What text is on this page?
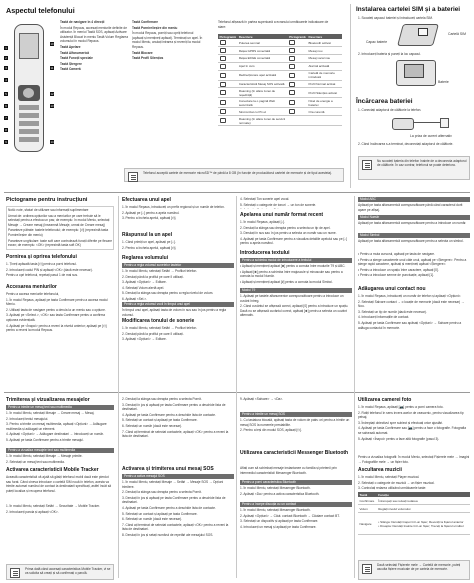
Aspectul telefonului
1
2
3
4
5
6
7
8
9
10
11
12
13
14

Tastă de navigare în 4 direcții

În modul Repaus, accesați meniurile definite de utilizator. În meniul Tastă SOS, apăsați Activare Asistență Blocat în meniu Tastă Volum Reglarea volumului în modul Repaus.

Tastă Apelare

Tastă Alfanumerică

Tastă Funcții speciale

Tastă Ștergere

Tastă Cameră

Tastă Confirmare

Tastă Pornire/ieșire din meniu

În modul Repaus, porniți sau opriți telefonul (apăsați și mențineți apăsat). Terminați un apel. În modul Meniu, anulați intrarea și reveniți la modul Repaus.

Tastă Blocare

Tastă Profil Silențios

Telefonul afișează în partea superioară a ecranului următoarele indicatoare de stare:
Pictogramă	Descriere	Pictogramă	Descriere
	Puterea semnal		Bluetooth activat
	Rețea GPRS conectată		Mesaj nou
	Rețea EDGE conectată		Mesaj vocal nou
	Apel în curs		Alarmă activată
	Redirecționare apel activată		Cartelă de memorie introdusă
	Caracteristică Mesaj SOS activată		Profil Normal activat
	Roaming (în afara zonei de reședință)		Profil Silențios activat
	Conectare la o pagină Web securizată		Nivel de energie a bateriei
	Sincronizat cu PC-ul		Ora curentă
	Roaming (în afara zonei de servicii normale)		
Telefonul acceptă cartele de memorie microSD™ de până la 8 GB (în funcție de producătorul cartelei de memorie și de tipul acesteia).
Instalarea cartelei SIM și a bateriei
1. Scoateți capacul bateriei și introduceți cartela SIM.
Capac baterie
Cartelă SIM
2. Introduceți bateria și puneți la loc capacul.
Baterie
Încărcarea bateriei
1. Conectați adaptorul de călătorie la telefon.
La priza de curent alternativ
2. Când încărcarea s-a terminat, deconectați adaptorul de călătorie.
Nu scoateți bateria din telefon înainte de a deconecta adaptorul de călătorie. În caz contrar, telefonul se poate deteriora.
Pictograme pentru instrucțiuni

Notă: note, sfaturi de utilizare sau informații suplimentare

Urmat de: ordinea opțiunilor sau a meniurilor pe care trebuie să le selectați pentru a efectua un pas; de exemplu: în modul Meniu, selectați Mesaje → Creare mesaj (înseamnă Mesaje, urmat de Creare mesaj)

Paranteze pătrate: tastele telefonului; de exemplu: [⏻] (reprezintă tasta Pornire/Ieșire din meniu)

Paranteze unghiulare: taste soft care controlează funcții diferite pe fiecare ecran; de exemplu: <OK> (reprezintă tasta soft OK)

Pornirea și oprirea telefonului

1. Țineți apăsată tasta [⏻] pentru a porni telefonul.

2. Introduceți codul PIN și apăsați <OK> (dacă este necesar).

Pentru a opri telefonul, repetați pasul 1 de mai sus.

Accesarea meniurilor

Pentru a accesa meniurile telefonului,

1. În modul Repaus, apăsați pe tasta Confirmare pentru a accesa modul Meniu.

2. Utilizați tasta de navigare pentru a derula la un meniu sau o opțiune.

3. Apăsați pe <Select.>, <OK> sau tasta Confirmare pentru a confirma opțiunea evidențiată.

4. Apăsați pe <Înapoi> pentru a reveni la nivelul anterior; apăsați pe [⏻] pentru a reveni la modul Repaus.

Efectuarea unui apel

1. În modul Repaus, introduceți un prefix regional și un număr de telefon.

2. Apăsați pe [⌕] pentru a apela numărul.

3. Pentru a încheia apelul, apăsați [⏻].

Răspunsul la un apel

1. Când primiți un apel, apăsați pe [⌕].

2. Pentru a încheia apelul, apăsați [⏻].

Reglarea volumului
Pentru a regla volumul sunetelor tastelor

1. În modul Meniu, selectați Setări → Profiluri telefon.

2. Derulați până la profilul pe care îl utilizați.

3. Apăsați <Opțiuni> → Editare.

4. Selectați Volum alertă apel.

5. Derulați la stânga sau dreapta pentru a regla nivelul de volum.

6. Apăsați <Sel.>.

Pentru a regla volumul vocii în timpul unui apel
În timpul unui apel, apăsați tasta de volum în sus sau în jos pentru a regla volumul.
Modificarea tonului de sonerie

1. În modul Meniu, selectați Setări → Profiluri telefon.

2. Derulați până la profilul pe care îl utilizați.

3. Apăsați <Opțiuni> → Editare.

4. Selectați Ton sonerie apel vocal.

5. Selectați o categorie de tonuri → un ton de sonerie.

Apelarea unui număr format recent

1. În modul Repaus, apăsați [⌕].

2. Derulați la stânga sau dreapta pentru a selecta un tip de apel.

3. Derulați în sus sau în jos pentru a selecta un număr sau un nume.

4. Apăsați pe tasta Confirmare pentru a vizualiza detaliile apelului sau pe [⌕] pentru a apela numărul.

Introducerea textului
Pentru a schimba modul de introducere a textului

• Apăsați și mențineți apăsat [✱] pentru a comuta între modurile T9 și ABC.

• Apăsați [✱] pentru a schimba între majuscule și minuscule sau pentru a comuta la modul Număr.

• Apăsați și mențineți apăsat [#] pentru a comuta la modul Simbol.

Modul T9

1. Apăsați pe tastele alfanumerice corespunzătoare pentru a introduce un cuvânt întreg.

2. Când cuvântul se afișează corect, apăsați [0] pentru a introduce un spațiu. Dacă nu se afișează cuvântul corect, apăsați [✱] pentru a selecta un cuvânt alternativ.

Modul ABC
Apăsați pe tasta alfanumerică corespunzătoare până când caracterul dorit apare pe afișaj.
Modul Număr
Apăsați pe tasta alfanumerică corespunzătoare pentru a introduce un număr.
Modul Simbol
Apăsați pe tasta alfanumerică corespunzătoare pentru a selecta un simbol.

• Pentru a muta cursorul, apăsați pe tasta de navigare.

• Pentru a șterge caracterele unul câte unul, apăsați pe <Ștergere>. Pentru a șterge rapid caractere, apăsați și mențineți apăsat <Ștergere>.

• Pentru a introduce un spațiu între caractere, apăsați [0].

• Pentru a introduce semne de punctuație, apăsați [1].

Adăugarea unui contact nou

1. În modul Repaus, introduceți un număr de telefon și apăsați <Opțiuni>.

2. Selectați Salvare contact → o locație de memorie (dacă este necesar) → Nou.

3. Selectați un tip de număr (dacă este necesar).

4. Introduceți informațiile de contact.

5. Apăsați pe tasta Confirmare sau apăsați <Opțiuni> → Salvare pentru a adăuga contactul în memorie.

Trimiterea și vizualizarea mesajelor
Pentru a trimite un mesaj text sau multimedia

1. În modul Meniu, selectați Mesaje → Creare mesaj → Mesaj.

2. Introduceți textul mesajului.

3. Pentru a trimite un mesaj multimedia, apăsați <Opțiuni> → Adăugare multimedia și adăugați un element.

4. Apăsați <Opțiuni> → Adăugare destinatari → Introduceți un număr.

5. Apăsați pe tasta Confirmare pentru a trimite mesajul.

Pentru a vizualiza mesajele text sau multimedia

1. În modul Meniu, selectați Mesaje → Mesaje primite.

2. Selectați un mesaj text sau multimedia.

Activarea caracteristicii Mobile Tracker
Această caracteristică vă ajută să găsiți telefonul mobil dacă este pierdut sau furat. Când cineva introduce o cartelă SIM nouă în telefon, acesta va trimite automat numărul de contact la destinatarii specificați, astfel încât să puteți localiza și recupera telefonul.

1. În modul Meniu, selectați Setări → Securitate → Mobile Tracker.

2. Introduceți parola și apăsați <OK>.

Prima dată când accesați caracteristica Mobile Tracker, vi se va solicita să creați și să confirmați o parolă.

2. Derulați la stânga sau dreapta pentru a selecta Pornit.

3. Derulați în jos și apăsați pe tasta Confirmare pentru a deschide lista de destinatari.

4. Apăsați pe tasta Confirmare pentru a deschide lista de contacte.

5. Selectați un contact și apăsați pe tasta Confirmare.

6. Selectați un număr (dacă este necesar).

7. Când ați terminat de selectat contactele, apăsați <OK> pentru a reveni la lista de destinatari.

Activarea și trimiterea unui mesaj SOS
Pentru a activa mesajul SOS

1. În modul Meniu, selectați Mesaje → Setări → Mesaje SOS → Opțiuni trimitere.

2. Derulați la stânga sau dreapta pentru a selecta Pornit.

3. Derulați în jos și apăsați pe tasta Confirmare pentru a deschide lista de destinatari.

4. Apăsați pe tasta Confirmare pentru a deschide lista de contacte.

5. Selectați un contact și apăsați pe tasta Confirmare.

6. Selectați un număr (dacă este necesar).

7. Când ați terminat de selectat contactele, apăsați <OK> pentru a reveni la lista de destinatari.

8. Derulați în jos și setați numărul de repetări ale mesajului SOS.

9. Apăsați <Salvare> → <Da>.

Pentru a trimite un mesaj SOS

1. Cu tastatura blocată, apăsați tasta de volum de patru ori pentru a trimite un mesaj SOS la numerele prestabilite.

2. Pentru a ieși din modul SOS, apăsați [⏻].

Utilizarea caracteristicii Messenger Bluetooth
Aflați cum să schimbați mesaje instantanee cu familia și prietenii prin intermediul caracteristicii Messenger Bluetooth.
Pentru a porni caracteristica Bluetooth

1. În modul Meniu, selectați Messenger Bluetooth.

2. Apăsați <Da> pentru a activa caracteristica Bluetooth.

Pentru a începe discuția cu un contact

1. În modul Meniu, selectați Messenger Bluetooth.

2. Apăsați <Opțiuni> → Căut. contact Bluetooth → Căutare contact BT.

3. Selectați un dispozitiv și apăsați pe tasta Confirmare.

4. Introduceți un mesaj și apăsați pe tasta Confirmare.

Utilizarea camerei foto

1. În modul Repaus, apăsați [📷] pentru a porni camera foto.

2. Rotiți telefonul în sens invers acelor de ceasornic, pentru vizualizarea tip peisaj.

3. Îndreptați obiectivul spre subiect și efectuați orice ajustări.

4. Apăsați pe tasta Confirmare sau [📷] pentru a face o fotografie. Fotografia se salvează automat.

5. Apăsați <Înapoi> pentru a face altă fotografie (pasul 3).

Pentru a vizualiza fotografii: În modul Meniu, selectați Fișierele mele → Imagini → Fotografiile mele → un fișier foto.
Ascultarea muzicii

1. În modul Meniu, selectați Player muzical.

2. Selectați o categorie de muzică → un fișier muzical.

3. Controlați redarea utilizând următoarele taste:

Tastă	Funcție
Confirmare	Întrerupeți sau reluați redarea
Volum	Reglați nivelul volumului
Navigare	• Stânga: Derulați înapoi într-un fișier; Reveniți la fișierul anterior
• Dreapta: Derulați înainte într-un fișier; Treceți la fișierul următor
Dacă selectați Fișierele mele → Cartelă de memorie, puteți asculta fișiere muzicale de pe cartela de memorie.
